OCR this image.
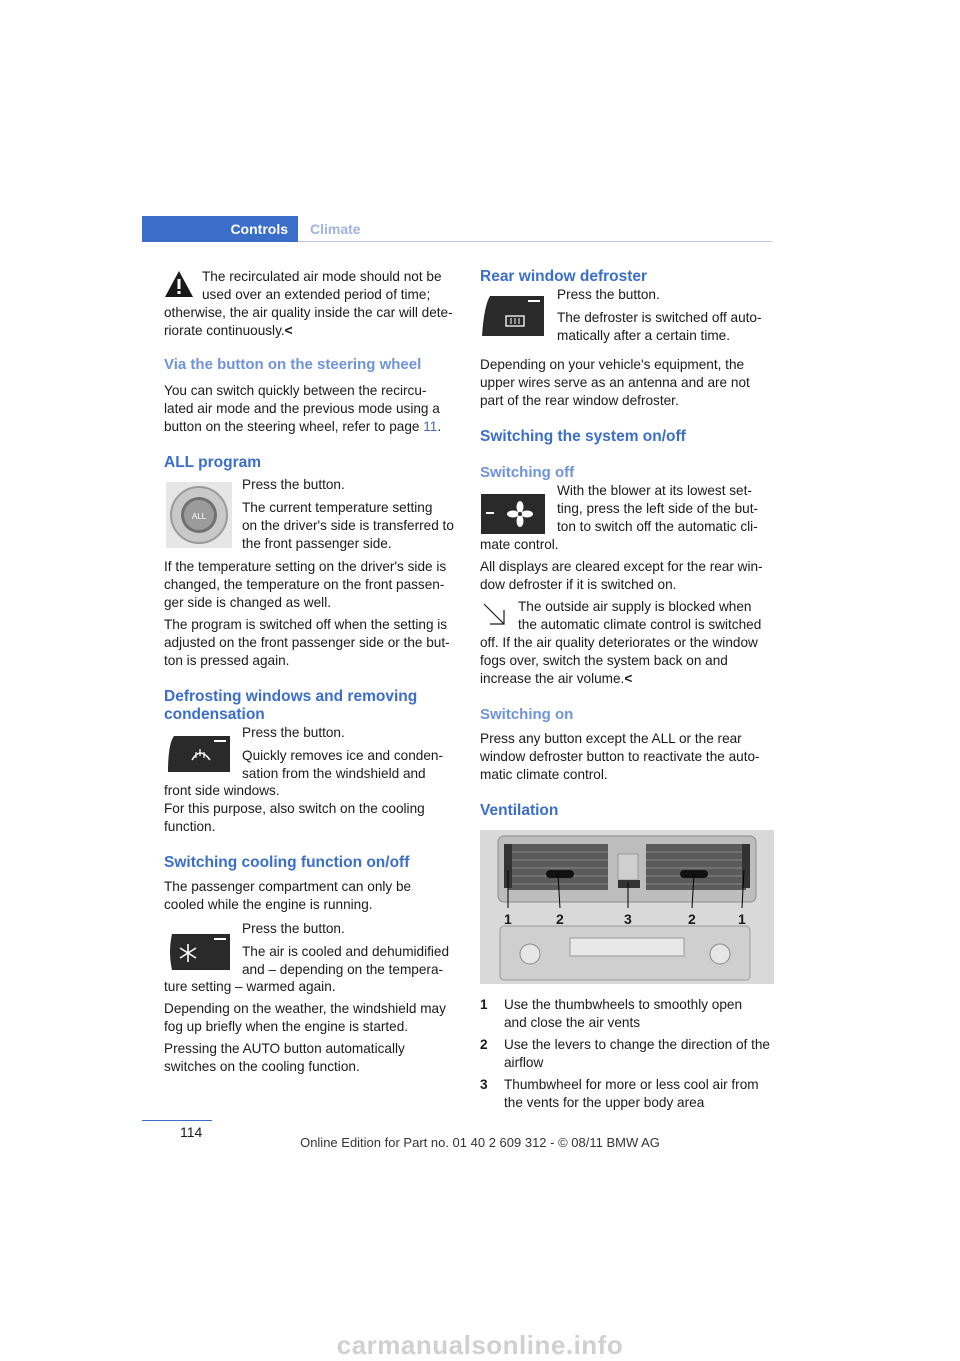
Controls	Climate

The recirculated air mode should not be

used over an extended period of time;

otherwise, the air quality inside the car will dete-

riorate continuously.<

Via the button on the steering wheel

You can switch quickly between the recircu-

lated air mode and the previous mode using a

button on the steering wheel, refer to page 11.

ALL program

ALL

Press the button.

The current temperature setting

on the driver's side is transferred to

the front passenger side.

If the temperature setting on the driver's side is

changed, the temperature on the front passen-

ger side is changed as well.

The program is switched off when the setting is

adjusted on the front passenger side or the but-

ton is pressed again.

Defrosting windows and removing

condensation

Press the button.

Quickly removes ice and conden-

sation from the windshield and

front side windows.

For this purpose, also switch on the cooling

function.

Switching cooling function on/off

The passenger compartment can only be

cooled while the engine is running.

Press the button.

The air is cooled and dehumidified

and – depending on the tempera-

ture setting – warmed again.

Depending on the weather, the windshield may

fog up briefly when the engine is started.

Pressing the AUTO button automatically

switches on the cooling function.

Rear window defroster

Press the button.

The defroster is switched off auto-

matically after a certain time.

Depending on your vehicle's equipment, the

upper wires serve as an antenna and are not

part of the rear window defroster.

Switching the system on/off

Switching off

With the blower at its lowest set-

ting, press the left side of the but-

ton to switch off the automatic cli-

mate control.

All displays are cleared except for the rear win-

dow defroster if it is switched on.

The outside air supply is blocked when

the automatic climate control is switched

off. If the air quality deteriorates or the window

fogs over, switch the system back on and

increase the air volume.<

Switching on

Press any button except the ALL or the rear

window defroster button to reactivate the auto-

matic climate control.

Ventilation

1	2	3	2	1
1 Use the thumbwheels to smoothly open
and close the air vents
2 Use the levers to change the direction of the
airflow
3 Thumbwheel for more or less cool air from
the vents for the upper body area
114
Online Edition for Part no. 01 40 2 609 312 - © 08/11 BMW AG
carmanualsonline.info
